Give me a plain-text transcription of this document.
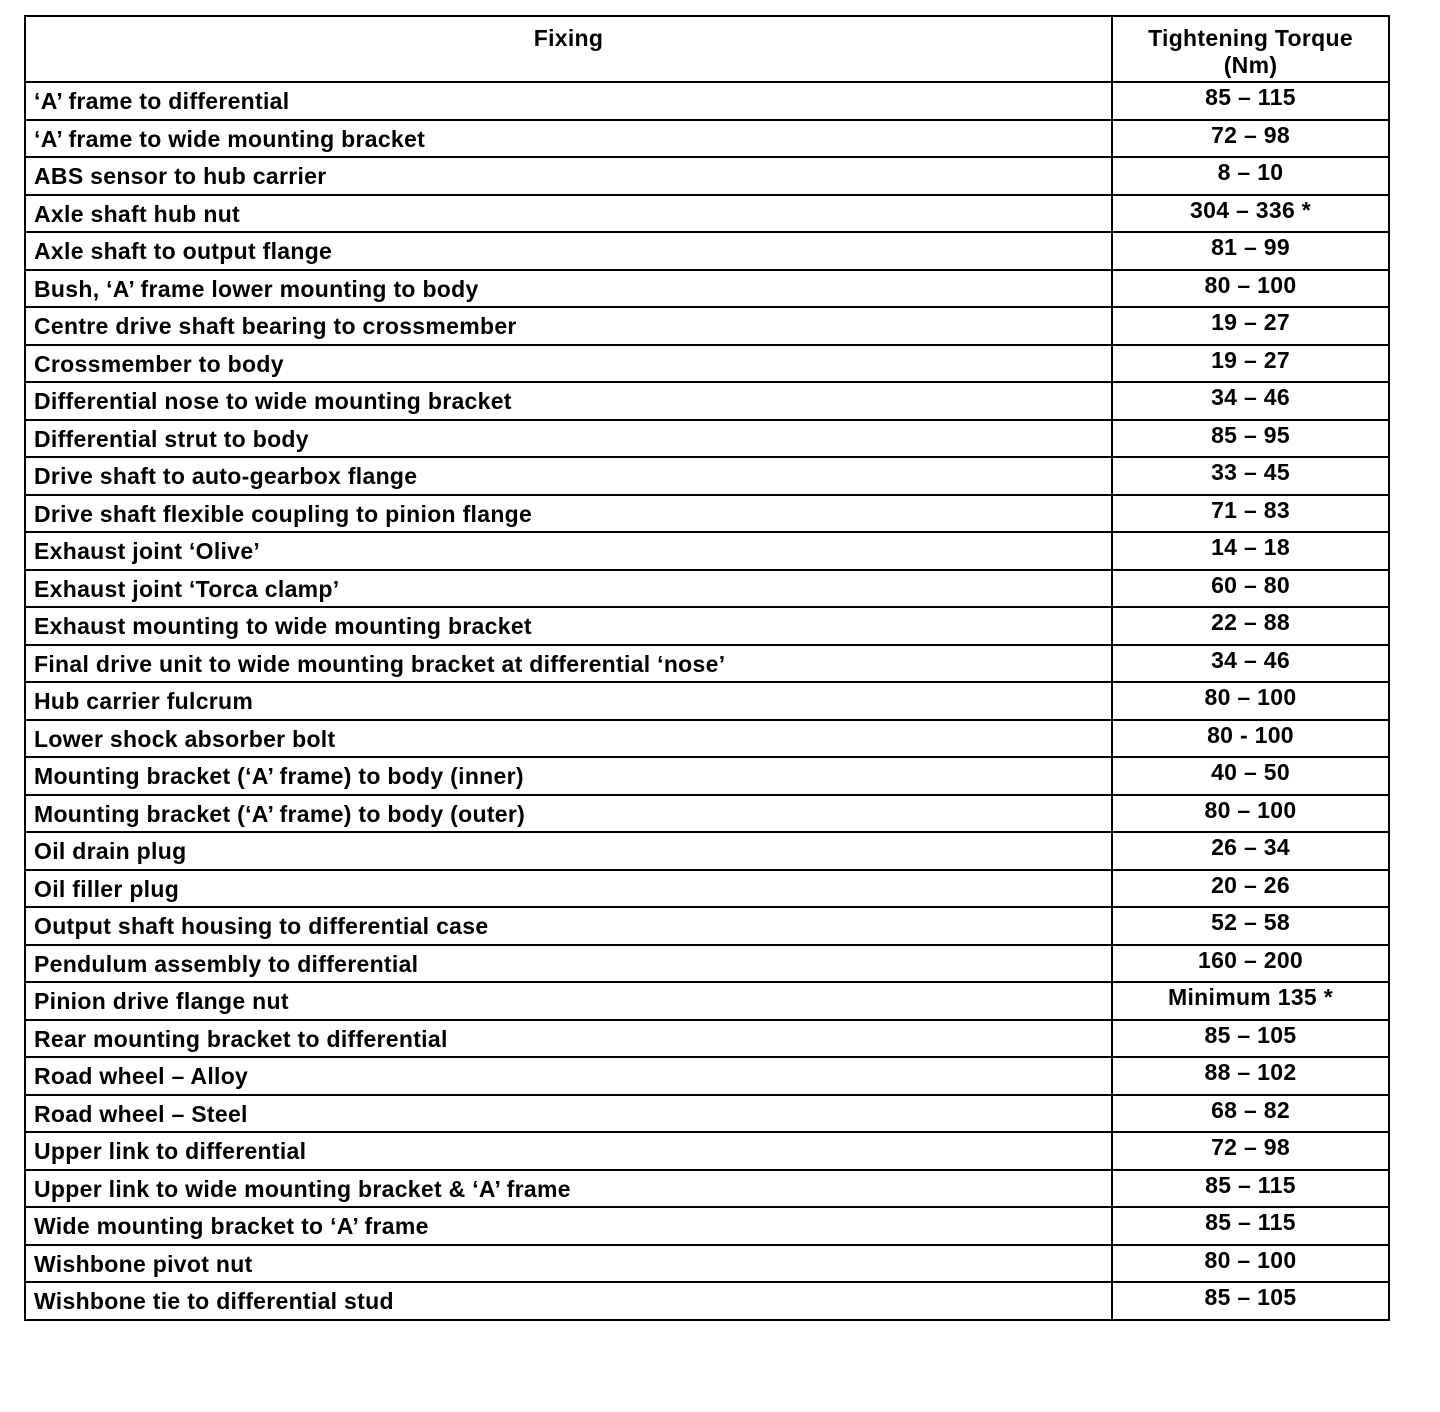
Fixing	Tightening Torque
(Nm)

‘A’ frame to differential	85 – 115
‘A’ frame to wide mounting bracket	72 – 98
ABS sensor to hub carrier	8 – 10
Axle shaft hub nut	304 – 336 *
Axle shaft to output flange	81 – 99
Bush, ‘A’ frame lower mounting to body	80 – 100
Centre drive shaft bearing to crossmember	19 – 27
Crossmember to body	19 – 27
Differential nose to wide mounting bracket	34 – 46
Differential strut to body	85 – 95
Drive shaft to auto-gearbox flange	33 – 45
Drive shaft flexible coupling to pinion flange	71 – 83
Exhaust joint ‘Olive’	14 – 18
Exhaust joint ‘Torca clamp’	60 – 80
Exhaust mounting to wide mounting bracket	22 – 88
Final drive unit to wide mounting bracket at differential ‘nose’	34 – 46
Hub carrier fulcrum	80 – 100
Lower shock absorber bolt	80 - 100
Mounting bracket (‘A’ frame) to body (inner)	40 – 50
Mounting bracket (‘A’ frame) to body (outer)	80 – 100
Oil drain plug	26 – 34
Oil filler plug	20 – 26
Output shaft housing to differential case	52 – 58
Pendulum assembly to differential	160 – 200
Pinion drive flange nut	Minimum 135 *
Rear mounting bracket to differential	85 – 105
Road wheel – Alloy	88 – 102
Road wheel – Steel	68 – 82
Upper link to differential	72 – 98
Upper link to wide mounting bracket & ‘A’ frame	85 – 115
Wide mounting bracket to ‘A’ frame	85 – 115
Wishbone pivot nut	80 – 100
Wishbone tie to differential stud	85 – 105
